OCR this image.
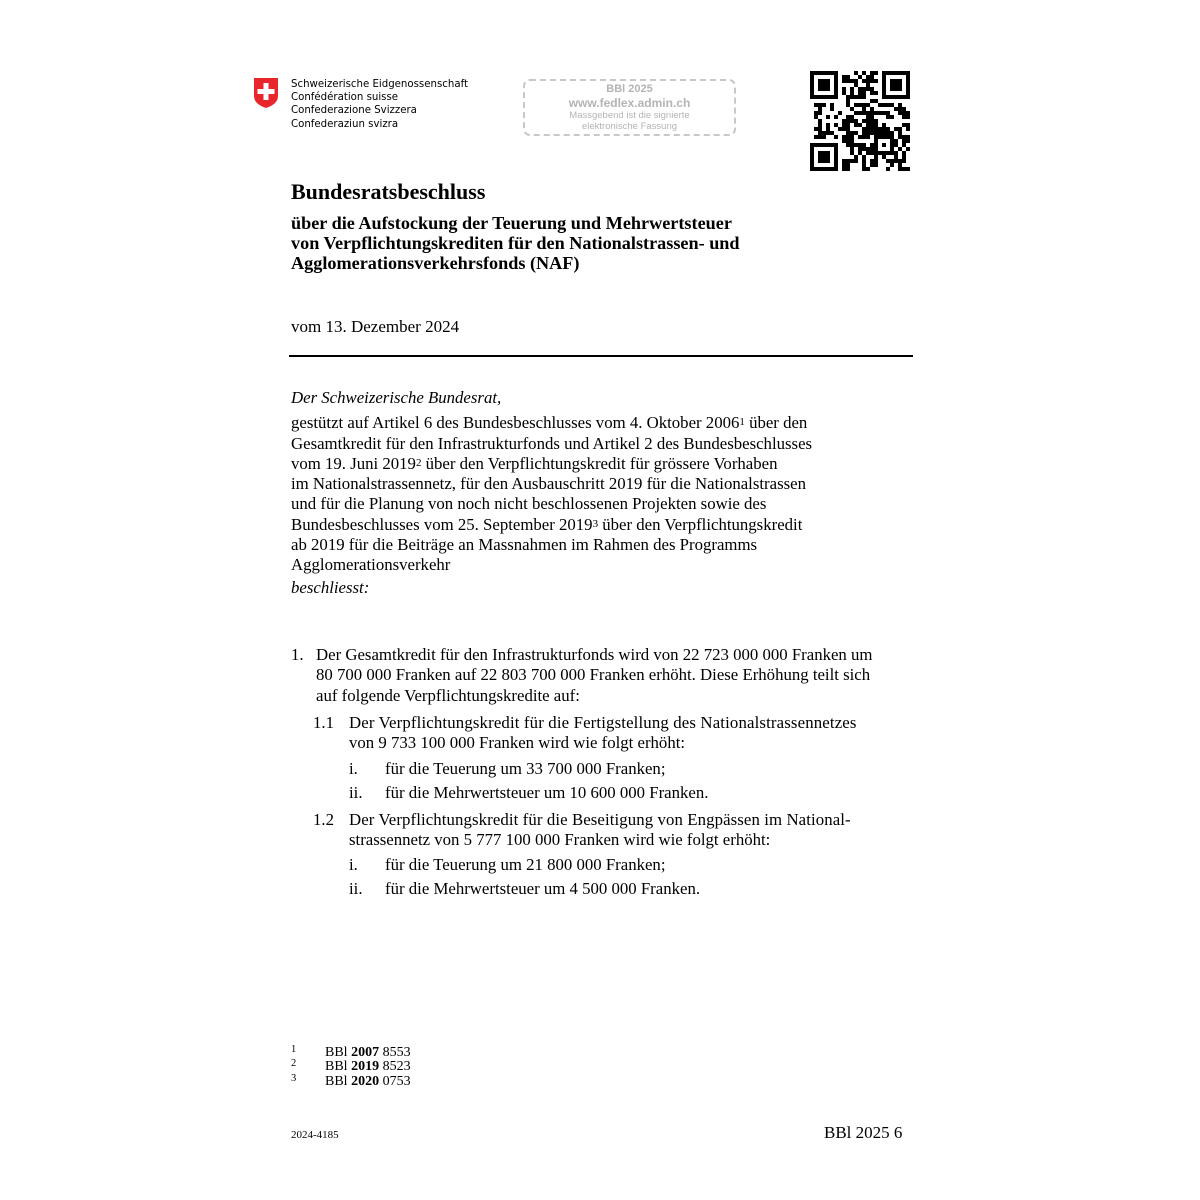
Schweizerische Eidgenossenschaft
Confédération suisse
Confederazione Svizzera
Confederaziun svizra
BBl 2025
www.fedlex.admin.ch
Massgebend ist die signierte
elektronische Fassung
Bundesratsbeschluss
über die Aufstockung der Teuerung und Mehrwertsteuer
von Verpflichtungskrediten für den Nationalstrassen- und
Agglomerationsverkehrsfonds (NAF)
vom 13. Dezember 2024
Der Schweizerische Bundesrat,
gestützt auf Artikel 6 des Bundesbeschlusses vom 4. Oktober 2006$^1$ über den
Gesamtkredit für den Infrastrukturfonds und Artikel 2 des Bundesbeschlusses
vom 19. Juni 2019$^2$ über den Verpflichtungskredit für grössere Vorhaben
im Nationalstrassennetz, für den Ausbauschritt 2019 für die Nationalstrassen
und für die Planung von noch nicht beschlossenen Projekten sowie des
Bundesbeschlusses vom 25. September 2019$^3$ über den Verpflichtungskredit
ab 2019 für die Beiträge an Massnahmen im Rahmen des Programms
Agglomerationsverkehr
beschliesst:
1. Der Gesamtkredit für den Infrastrukturfonds wird von 22 723 000 000 Franken um
80 700 000 Franken auf 22 803 700 000 Franken erhöht. Diese Erhöhung teilt sich
auf folgende Verpflichtungskredite auf:
1.1 Der Verpflichtungskredit für die Fertigstellung des Nationalstrassennetzes
von 9 733 100 000 Franken wird wie folgt erhöht:
i. für die Teuerung um 33 700 000 Franken;
ii. für die Mehrwertsteuer um 10 600 000 Franken.
1.2 Der Verpflichtungskredit für die Beseitigung von Engpässen im National-
strassennetz von 5 777 100 000 Franken wird wie folgt erhöht:
i. für die Teuerung um 21 800 000 Franken;
ii. für die Mehrwertsteuer um 4 500 000 Franken.
1 BBl 2007 8553
2 BBl 2019 8523
3 BBl 2020 0753
2024-4185	BBl 2025 6
